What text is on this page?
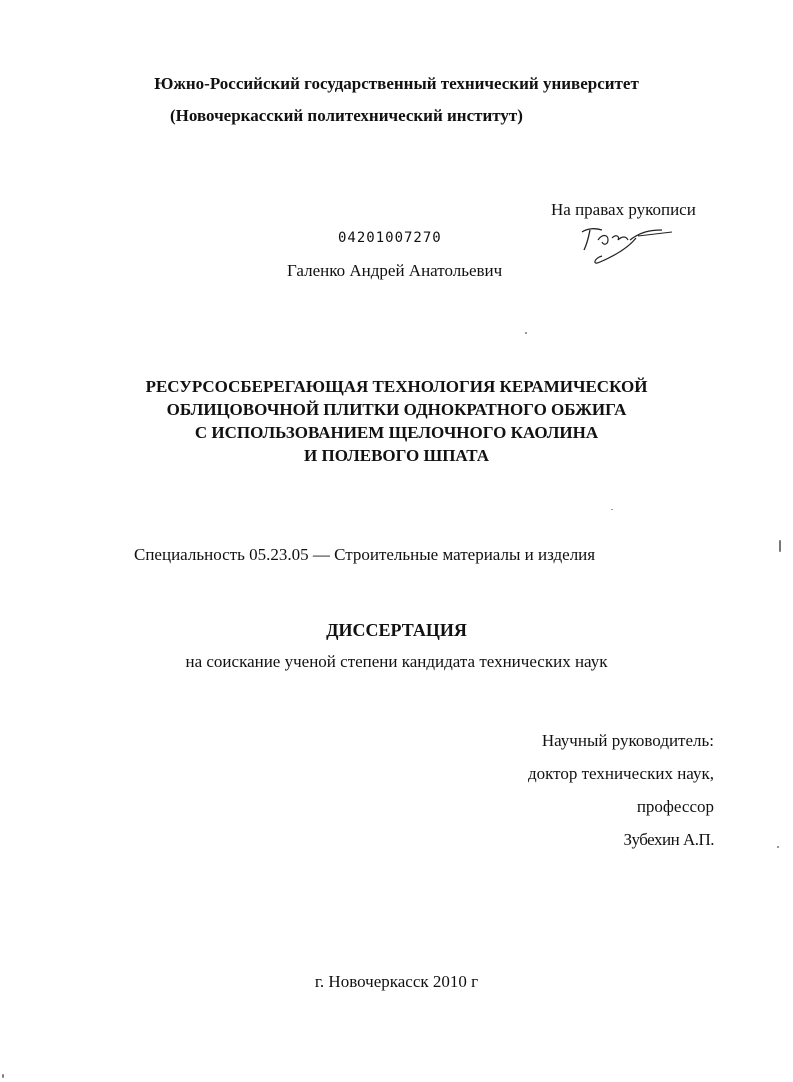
Южно-Российский государственный технический университет
(Новочеркасский политехнический институт)
На правах рукописи
04201007270
Галенко Андрей Анатольевич
РЕСУРСОСБЕРЕГАЮЩАЯ ТЕХНОЛОГИЯ КЕРАМИЧЕСКОЙ
ОБЛИЦОВОЧНОЙ ПЛИТКИ ОДНОКРАТНОГО ОБЖИГА
С ИСПОЛЬЗОВАНИЕМ ЩЕЛОЧНОГО КАОЛИНА
И ПОЛЕВОГО ШПАТА
Специальность 05.23.05 — Строительные материалы и изделия
ДИССЕРТАЦИЯ
на соискание ученой степени кандидата технических наук
Научный руководитель:
доктор технических наук,
профессор
Зубехин А.П.
г. Новочеркасск 2010 г
